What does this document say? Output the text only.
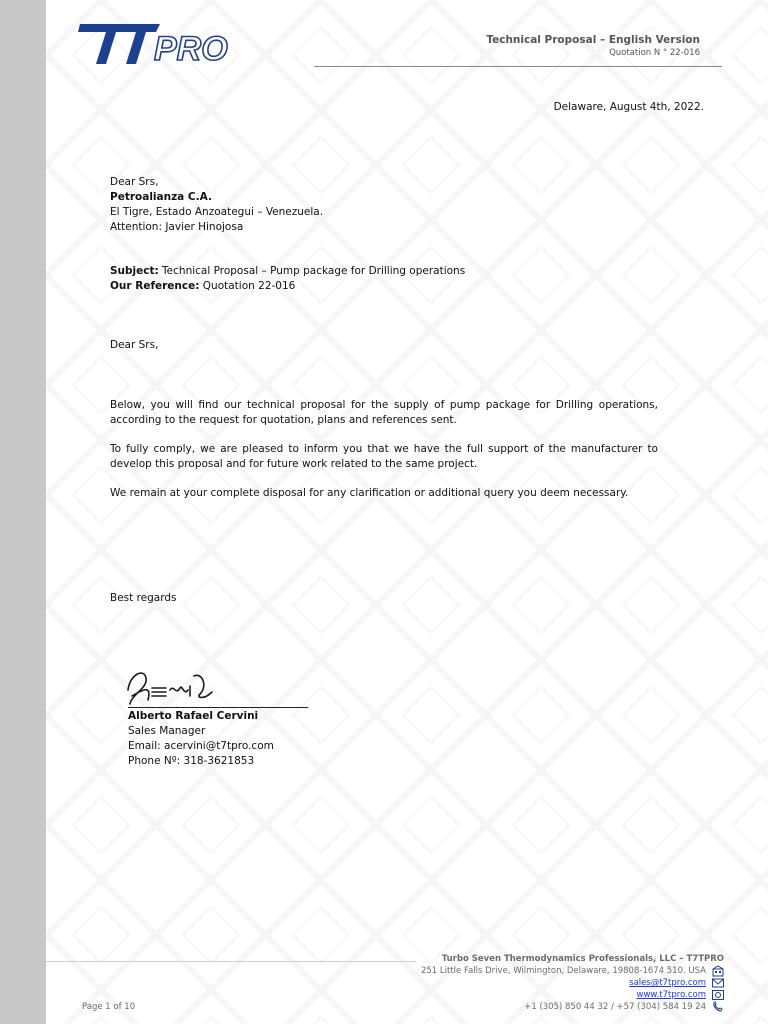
PRO	Technical Proposal – English Version
Quotation N ° 22-016
Delaware, August 4th, 2022.
Dear Srs,
Petroalianza C.A.
El Tigre, Estado Anzoategui – Venezuela.
Attention: Javier Hinojosa
Subject: Technical Proposal – Pump package for Drilling operations
Our Reference: Quotation 22-016
Dear Srs,
Below, you will find our technical proposal for the supply of pump package for Drilling operations, according to the request for quotation, plans and references sent.
To fully comply, we are pleased to inform you that we have the full support of the manufacturer to develop this proposal and for future work related to the same project.
We remain at your complete disposal for any clarification or additional query you deem necessary.
Best regards
Alberto Rafael Cervini
Sales Manager
Email: acervini@t7tpro.com
Phone Nº: 318-3621853
Turbo Seven Thermodynamics Professionals, LLC – T7TPRO
251 Little Falls Drive, Wilmington, Delaware, 19808-1674 510. USA
sales@t7tpro.com
www.t7tpro.com
+1 (305) 850 44 32 / +57 (304) 584 19 24
Page 1 of 10
